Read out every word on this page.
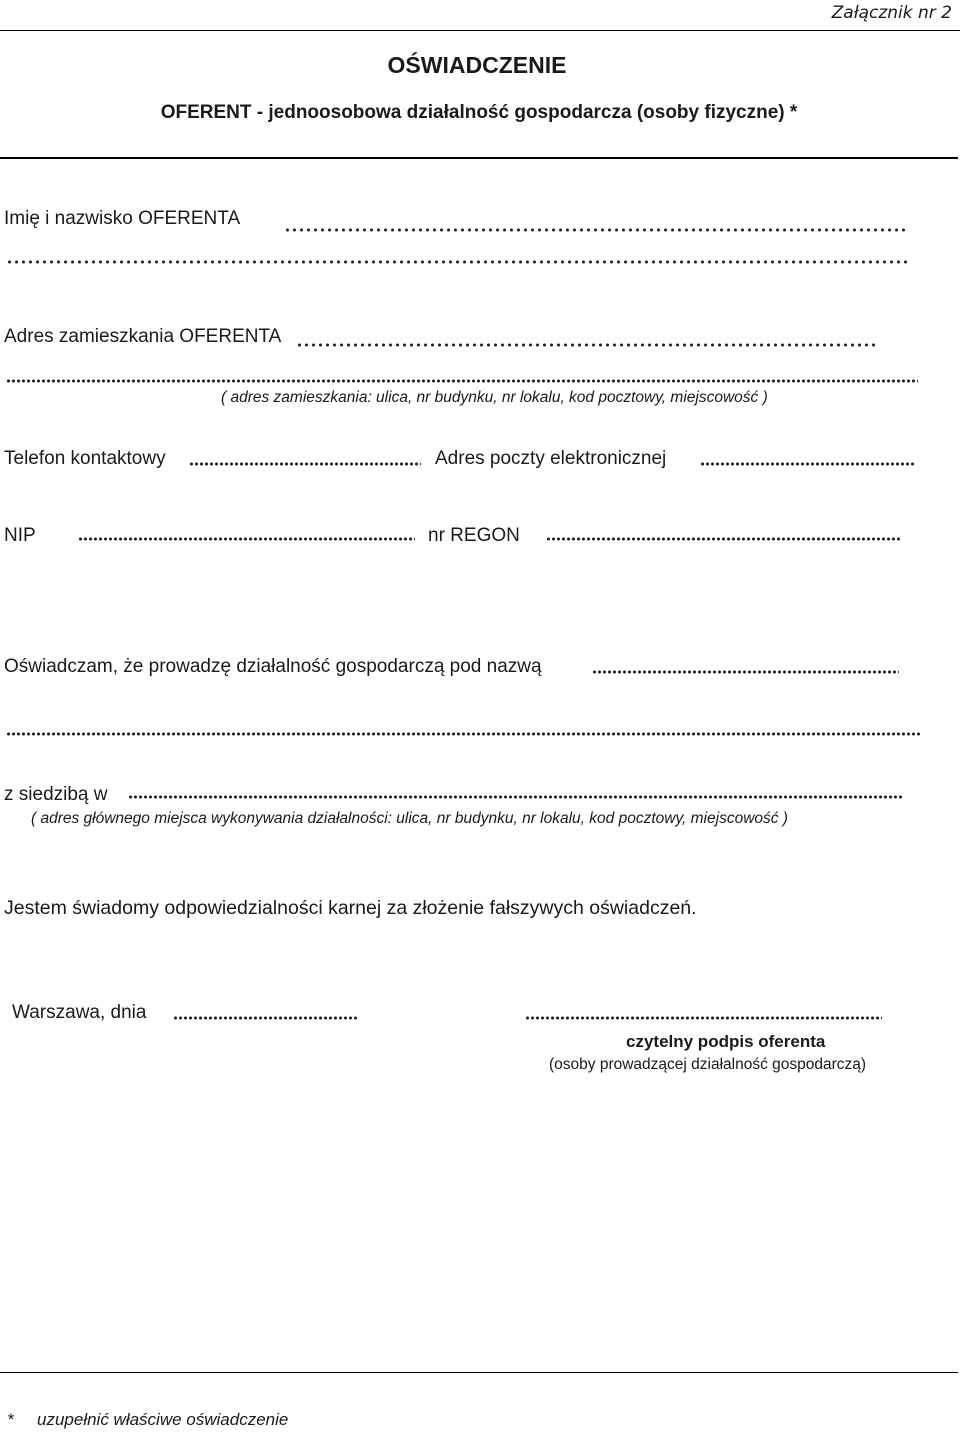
Załącznik nr 2
OŚWIADCZENIE
OFERENT - jednoosobowa działalność gospodarcza (osoby fizyczne) *
Imię i nazwisko OFERENTA
Adres zamieszkania OFERENTA
( adres zamieszkania: ulica, nr budynku, nr lokalu, kod pocztowy, miejscowość )
Telefon kontaktowy	Adres poczty elektronicznej
NIP	nr REGON
Oświadczam, że prowadzę działalność gospodarczą pod nazwą
z siedzibą w
( adres głównego miejsca wykonywania działalności: ulica, nr budynku, nr lokalu, kod pocztowy, miejscowość )
Jestem świadomy odpowiedzialności karnej za złożenie fałszywych oświadczeń.
Warszawa, dnia
czytelny podpis oferenta
(osoby prowadzącej działalność gospodarczą)
* uzupełnić właściwe oświadczenie
